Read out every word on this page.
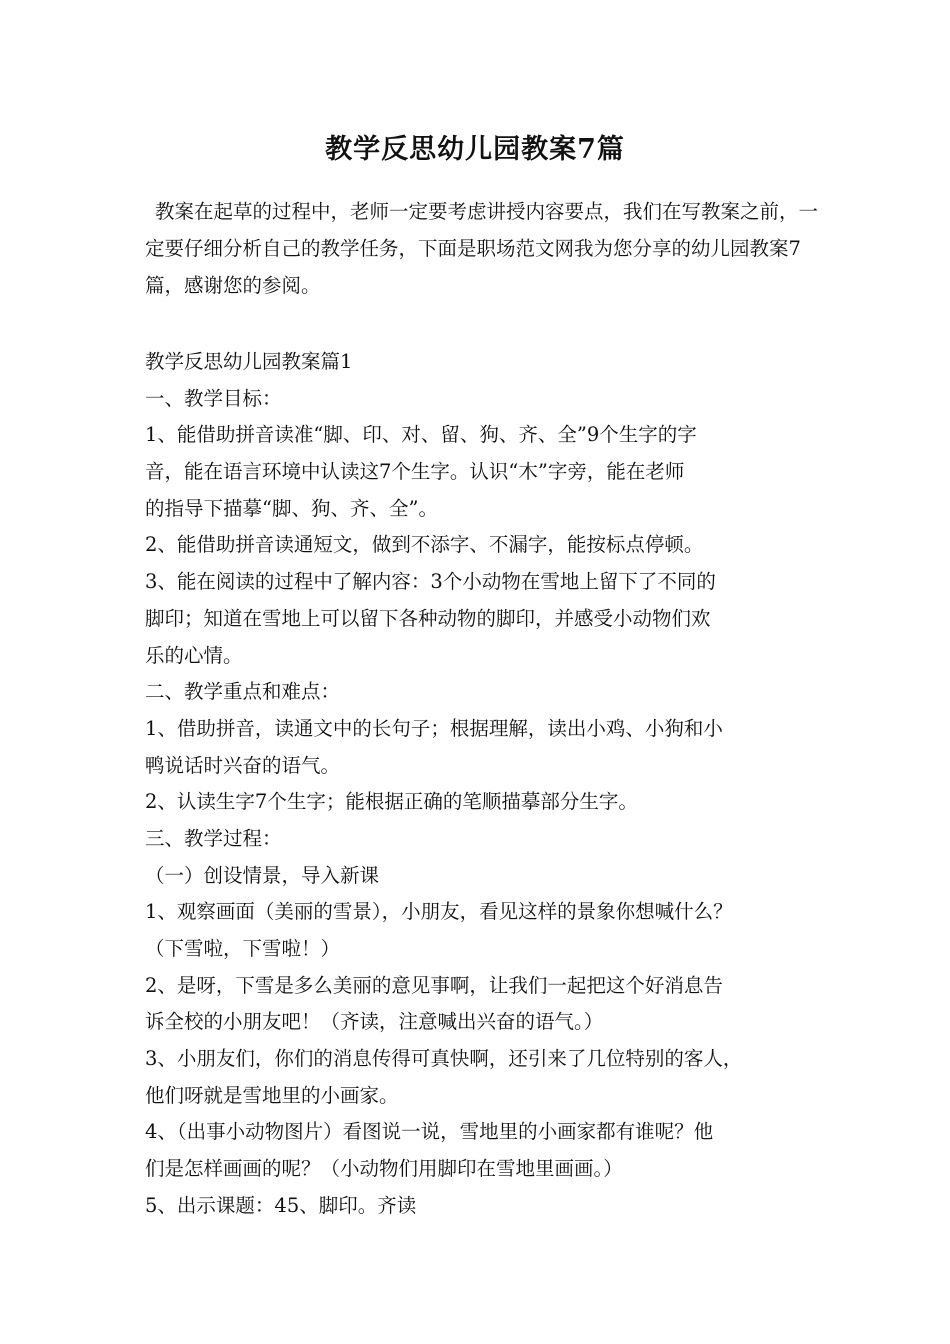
教学反思幼儿园教案7篇
教案在起草的过程中，老师一定要考虑讲授内容要点，我们在写教案之前，一定要仔细分析自己的教学任务，下面是职场范文网我为您分享的幼儿园教案7篇，感谢您的参阅。
教学反思幼儿园教案篇1
一、教学目标：
1、能借助拼音读准“脚、印、对、留、狗、齐、全”9个生字的字
音，能在语言环境中认读这7个生字。认识“木”字旁，能在老师
的指导下描摹“脚、狗、齐、全”。
2、能借助拼音读通短文，做到不添字、不漏字，能按标点停顿。
3、能在阅读的过程中了解内容：3个小动物在雪地上留下了不同的
脚印；知道在雪地上可以留下各种动物的脚印，并感受小动物们欢
乐的心情。
二、教学重点和难点：
1、借助拼音，读通文中的长句子；根据理解，读出小鸡、小狗和小
鸭说话时兴奋的语气。
2、认读生字7个生字；能根据正确的笔顺描摹部分生字。
三、教学过程：
（一）创设情景，导入新课
1、观察画面（美丽的雪景），小朋友，看见这样的景象你想喊什么？
（下雪啦，下雪啦！）
2、是呀，下雪是多么美丽的意见事啊，让我们一起把这个好消息告
诉全校的小朋友吧！（齐读，注意喊出兴奋的语气。）
3、小朋友们，你们的消息传得可真快啊，还引来了几位特别的客人，
他们呀就是雪地里的小画家。
4、（出事小动物图片）看图说一说，雪地里的小画家都有谁呢？他
们是怎样画画的呢？（小动物们用脚印在雪地里画画。）
5、出示课题：45、脚印。齐读
